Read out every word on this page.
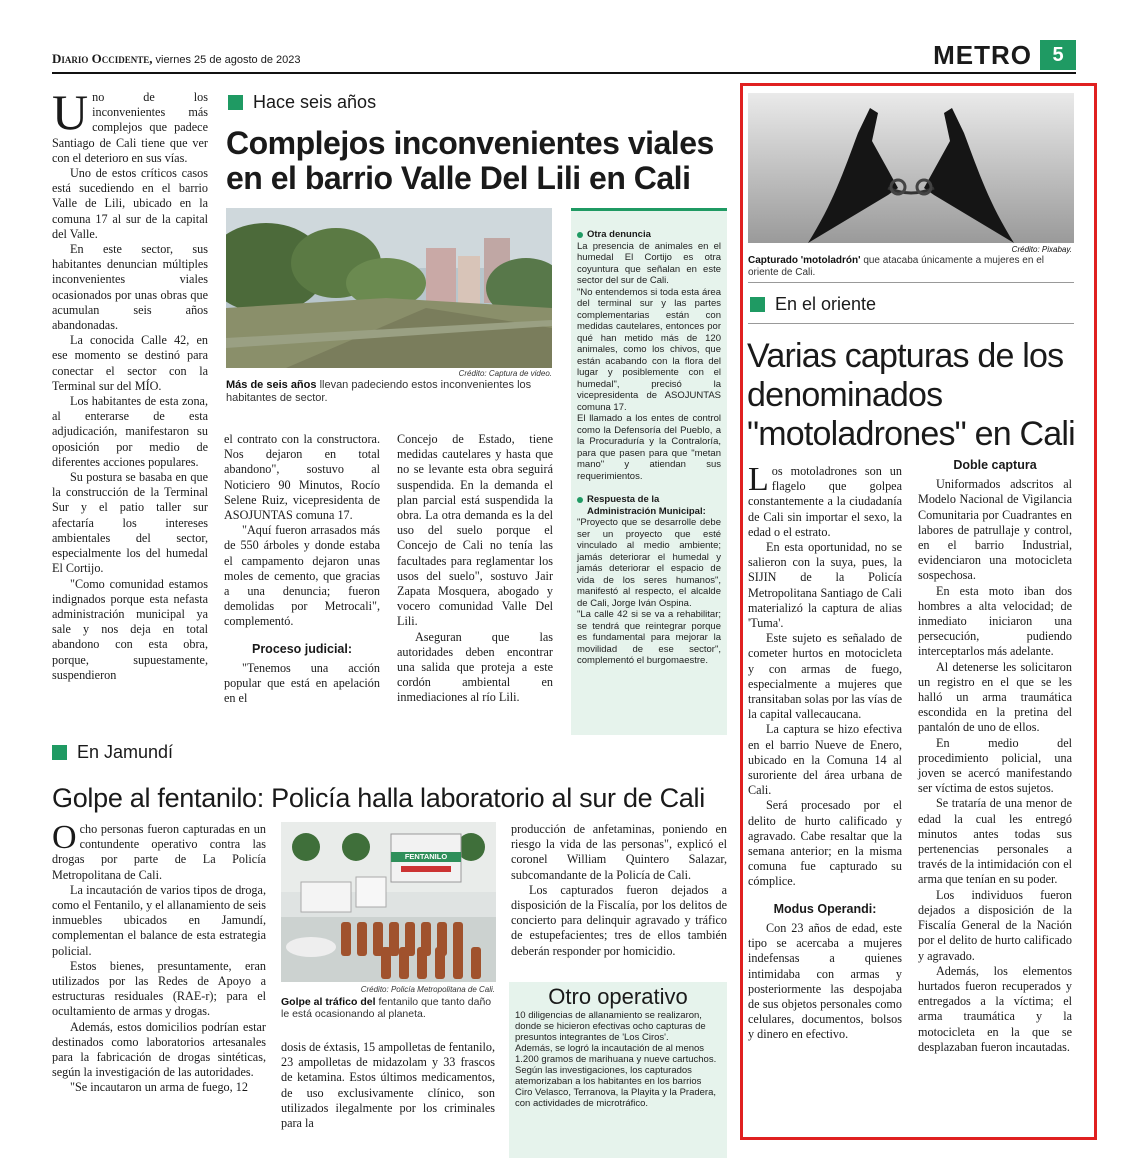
Diario Occidente, viernes 25 de agosto de 2023	METRO	5

Uno de los inconvenientes más complejos que padece Santiago de Cali tiene que ver con el deterioro en sus vías.

Uno de estos críticos casos está sucediendo en el barrio Valle de Lili, ubicado en la comuna 17 al sur de la capital del Valle.

En este sector, sus habitantes denuncian múltiples inconvenientes viales ocasionados por unas obras que acumulan seis años abandonadas.

La conocida Calle 42, en ese momento se destinó para conectar el sector con la Terminal sur del MÍO.

Los habitantes de esta zona, al enterarse de esta adjudicación, manifestaron su oposición por medio de diferentes acciones populares.

Su postura se basaba en que la construcción de la Terminal Sur y el patio taller sur afectaría los intereses ambientales del sector, especialmente los del humedal El Cortijo.

"Como comunidad estamos indignados porque esta nefasta administración municipal ya sale y nos deja en total abandono con esta obra, porque, supuestamente, suspendieron

Hace seis años
Complejos inconvenientes viales en el barrio Valle Del Lili en Cali
Crédito: Captura de video.
Más de seis años llevan padeciendo estos inconvenientes los habitantes de sector.

el contrato con la constructora. Nos dejaron en total abandono", sostuvo al Noticiero 90 Minutos, Rocío Selene Ruiz, vicepresidenta de ASOJUNTAS comuna 17.

"Aquí fueron arrasados más de 550 árboles y donde estaba el campamento dejaron unas moles de cemento, que gracias a una denuncia; fueron demolidas por Metrocali", complementó.

Proceso judicial:

"Tenemos una acción popular que está en apelación en el

Concejo de Estado, tiene medidas cautelares y hasta que no se levante esta obra seguirá suspendida. En la demanda el plan parcial está suspendida la obra. La otra demanda es la del uso del suelo porque el Concejo de Cali no tenía las facultades para reglamentar los usos del suelo", sostuvo Jair Zapata Mosquera, abogado y vocero comunidad Valle Del Lili.

Aseguran que las autoridades deben encontrar una salida que proteja a este cordón ambiental en inmediaciones al río Lili.

Otra denuncia
La presencia de animales en el humedal El Cortijo es otra coyuntura que señalan en este sector del sur de Cali.
"No entendemos si toda esta área del terminal sur y las partes complementarias están con medidas cautelares, entonces por qué han metido más de 120 animales, como los chivos, que están acabando con la flora del lugar y posiblemente con el humedal", precisó la vicepresidenta de ASOJUNTAS comuna 17.
El llamado a los entes de control como la Defensoría del Pueblo, a la Procuraduría y la Contraloría, para que pasen para que "metan mano" y atiendan sus requerimientos.
Respuesta de la Administración Municipal:
"Proyecto que se desarrolle debe ser un proyecto que esté vinculado al medio ambiente; jamás deteriorar el humedal y jamás deteriorar el espacio de vida de los seres humanos", manifestó al respecto, el alcalde de Cali, Jorge Iván Ospina.
"La calle 42 si se va a rehabilitar; se tendrá que reintegrar porque es fundamental para mejorar la movilidad de ese sector", complementó el burgomaestre.
En Jamundí
Golpe al fentanilo: Policía halla laboratorio al sur de Cali

Ocho personas fueron capturadas en un contundente operativo contra las drogas por parte de La Policía Metropolitana de Cali.

La incautación de varios tipos de droga, como el Fentanilo, y el allanamiento de seis inmuebles ubicados en Jamundí, complementan el balance de esta estrategia policial.

Estos bienes, presuntamente, eran utilizados por las Redes de Apoyo a estructuras residuales (RAE-r); para el ocultamiento de armas y drogas.

Además, estos domicilios podrían estar destinados como laboratorios artesanales para la fabricación de drogas sintéticas, según la investigación de las autoridades.

"Se incautaron un arma de fuego, 12

FENTANILO
Crédito: Policía Metropolitana de Cali.
Golpe al tráfico del fentanilo que tanto daño le está ocasionando al planeta.

dosis de éxtasis, 15 ampolletas de fentanilo, 23 ampolletas de midazolam y 33 frascos de ketamina. Estos últimos medicamentos, de uso exclusivamente clínico, son utilizados ilegalmente por los criminales para la

producción de anfetaminas, poniendo en riesgo la vida de las personas", explicó el coronel William Quintero Salazar, subcomandante de la Policía de Cali.

Los capturados fueron dejados a disposición de la Fiscalía, por los delitos de concierto para delinquir agravado y tráfico de estupefacientes; tres de ellos también deberán responder por homicidio.

Otro operativo
10 diligencias de allanamiento se realizaron, donde se hicieron efectivas ocho capturas de presuntos integrantes de 'Los Ciros'.
Además, se logró la incautación de al menos 1.200 gramos de marihuana y nueve cartuchos.
Según las investigaciones, los capturados atemorizaban a los habitantes en los barrios Ciro Velasco, Terranova, la Playita y la Pradera, con actividades de microtráfico.
Crédito: Pixabay.
Capturado 'motoladrón' que atacaba únicamente a mujeres en el oriente de Cali.
En el oriente
Varias capturas de los denominados "motoladrones" en Cali

Los motoladrones son un flagelo que golpea constantemente a la ciudadanía de Cali sin importar el sexo, la edad o el estrato.

En esta oportunidad, no se salieron con la suya, pues, la SIJIN de la Policía Metropolitana Santiago de Cali materializó la captura de alias 'Tuma'.

Este sujeto es señalado de cometer hurtos en motocicleta y con armas de fuego, especialmente a mujeres que transitaban solas por las vías de la capital vallecaucana.

La captura se hizo efectiva en el barrio Nueve de Enero, ubicado en la Comuna 14 al suroriente del área urbana de Cali.

Será procesado por el delito de hurto calificado y agravado. Cabe resaltar que la semana anterior; en la misma comuna fue capturado su cómplice.

Modus Operandi:

Con 23 años de edad, este tipo se acercaba a mujeres indefensas a quienes intimidaba con armas y posteriormente las despojaba de sus objetos personales como celulares, documentos, bolsos y dinero en efectivo.

Doble captura

Uniformados adscritos al Modelo Nacional de Vigilancia Comunitaria por Cuadrantes en labores de patrullaje y control, en el barrio Industrial, evidenciaron una motocicleta sospechosa.

En esta moto iban dos hombres a alta velocidad; de inmediato iniciaron una persecución, pudiendo interceptarlos más adelante.

Al detenerse les solicitaron un registro en el que se les halló un arma traumática escondida en la pretina del pantalón de uno de ellos.

En medio del procedimiento policial, una joven se acercó manifestando ser víctima de estos sujetos.

Se trataría de una menor de edad la cual les entregó minutos antes todas sus pertenencias personales a través de la intimidación con el arma que tenían en su poder.

Los individuos fueron dejados a disposición de la Fiscalía General de la Nación por el delito de hurto calificado y agravado.

Además, los elementos hurtados fueron recuperados y entregados a la víctima; el arma traumática y la motocicleta en la que se desplazaban fueron incautadas.
